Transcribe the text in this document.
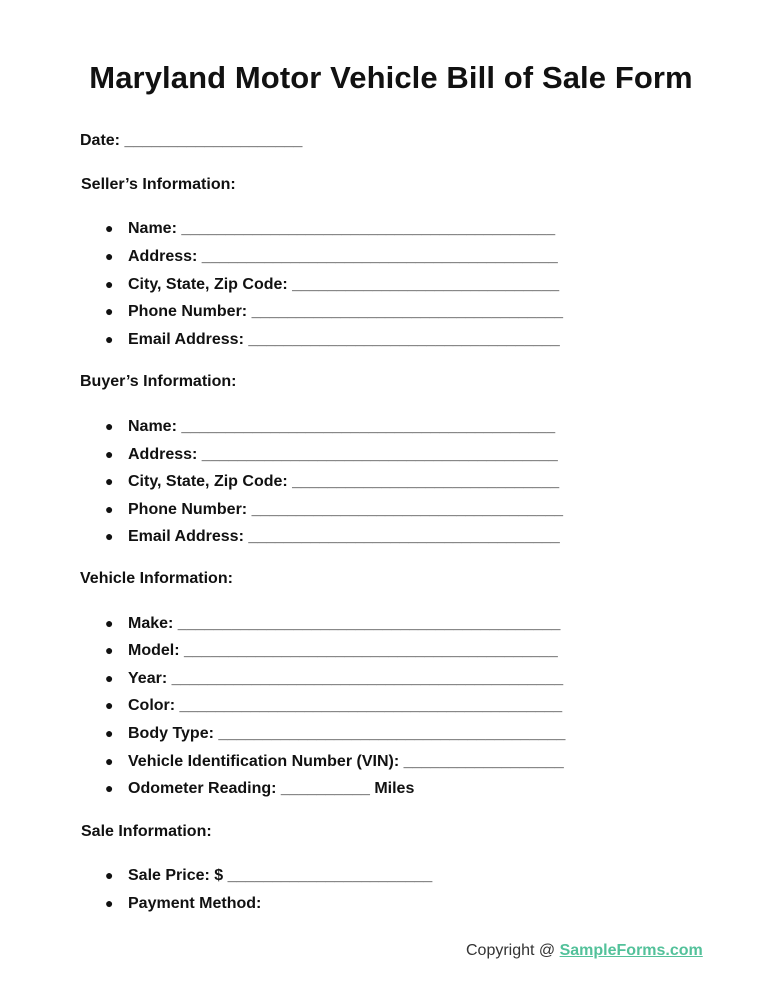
Maryland Motor Vehicle Bill of Sale Form
Date: ____________________
Seller’s Information:
● Name: __________________________________________
● Address: ________________________________________
● City, State, Zip Code: ______________________________
● Phone Number: ___________________________________
● Email Address: ___________________________________
Buyer’s Information:
● Name: __________________________________________
● Address: ________________________________________
● City, State, Zip Code: ______________________________
● Phone Number: ___________________________________
● Email Address: ___________________________________
Vehicle Information:
● Make: ___________________________________________
● Model: __________________________________________
● Year: ____________________________________________
● Color: ___________________________________________
● Body Type: _______________________________________
● Vehicle Identification Number (VIN): __________________
● Odometer Reading: __________ Miles
Sale Information:
● Sale Price: $ _______________________
● Payment Method:
Copyright @ SampleForms.com
